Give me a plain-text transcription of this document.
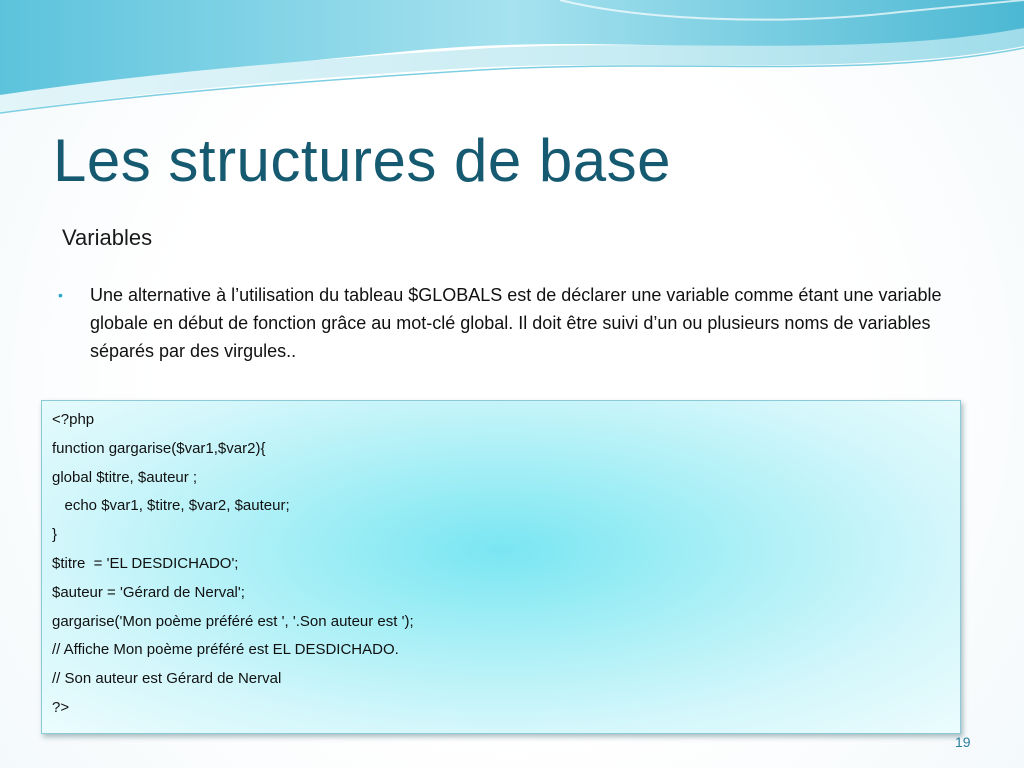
Les structures de base
Variables
• Une alternative à l’utilisation du tableau $GLOBALS est de déclarer une variable comme étant une variable globale en début de fonction grâce au mot-clé global. Il doit être suivi d’un ou plusieurs noms de variables séparés par des virgules..
<?php
function gargarise($var1,$var2){
global $titre, $auteur ;
echo $var1, $titre, $var2, $auteur;
}
$titre  = 'EL DESDICHADO';
$auteur = 'Gérard de Nerval';
gargarise('Mon poème préféré est ', '.Son auteur est ');
// Affiche Mon poème préféré est EL DESDICHADO.
// Son auteur est Gérard de Nerval
?>
19
